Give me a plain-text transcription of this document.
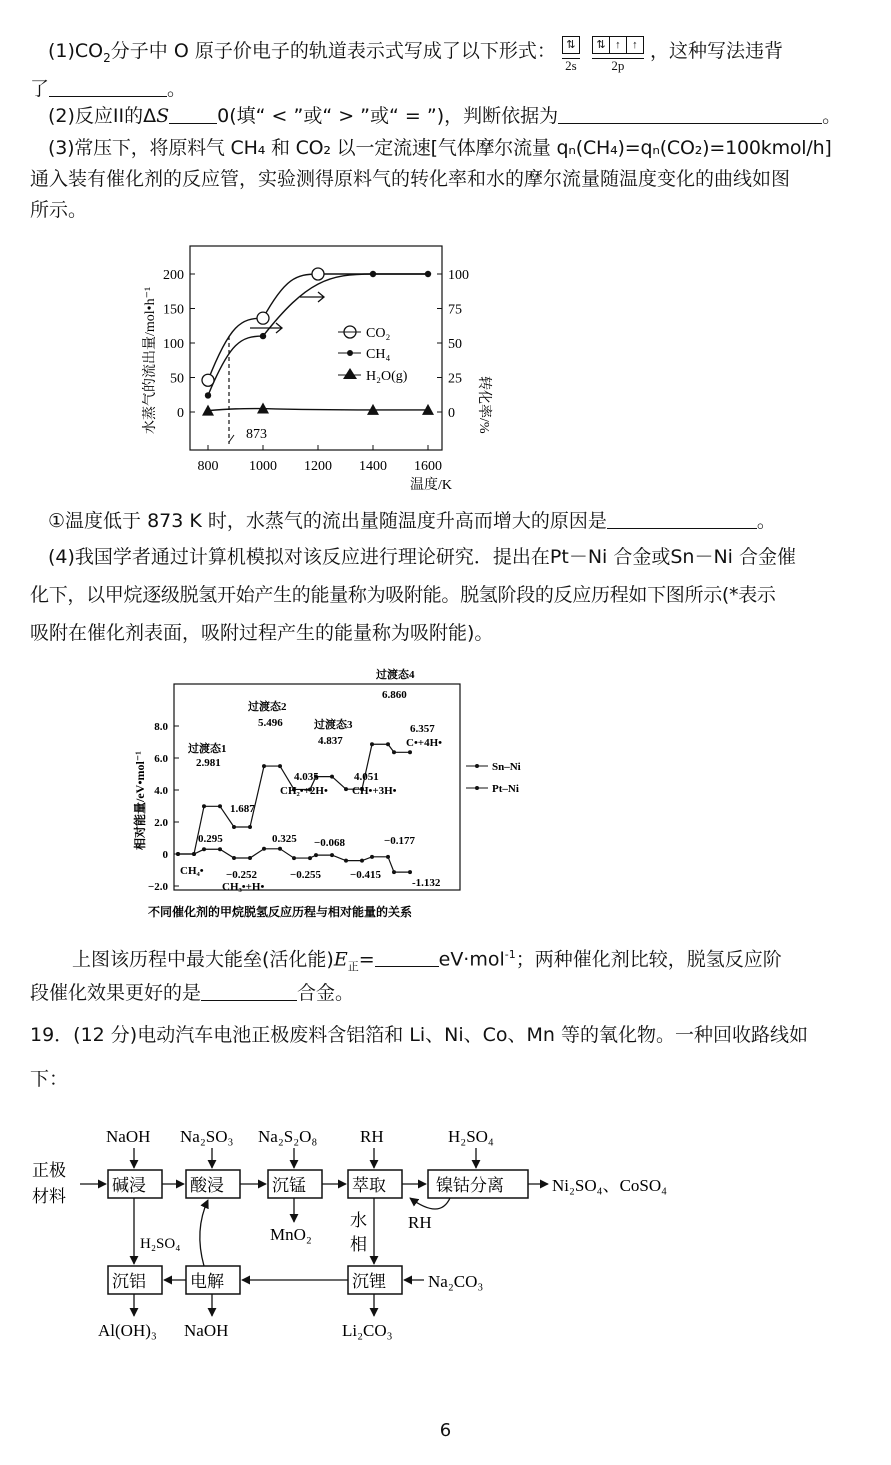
$(1)CO_2$分子中 O 原子价电子的轨道表示式写成了以下形式： ⇅
2s

⇅ ↑	↑
2p
，这种写法违背
了	。
(2)反应II的ΔS	0(填“ < ”或“ > ”或“ = ”)，判断依据为	。
(3)常压下，将原料气 CH₄ 和 CO₂ 以一定流速[气体摩尔流量 qₙ(CH₄)=qₙ(CO₂)=100kmol/h]
通入装有催化剂的反应管，实验测得原料气的转化率和水的摩尔流量随温度变化的曲线如图
所示。
水蒸气的流出量/mol•h⁻¹	转化率/%
0
50
100
150
200
0
25
50
75
100
800 1000 1200 1400 1600
873
CO₂
CH₄
H₂O(g)
温度/K
①温度低于 873 K 时，水蒸气的流出量随温度升高而增大的原因是	。
(4)我国学者通过计算机模拟对该反应进行理论研究．提出在Pt－Ni 合金或Sn－Ni 合金催
化下，以甲烷逐级脱氢开始产生的能量称为吸附能。脱氢阶段的反应历程如下图所示(*表示
吸附在催化剂表面，吸附过程产生的能量称为吸附能)。
相对能量/eV•mol⁻¹
8.0
6.0
4.0
2.0
0
−2.0
过渡态1
2.981
1.687
过渡态2
5.496
4.035
CH₂•+2H•
过渡态3
4.837
4.051
CH•+3H•
过渡态4
6.860
6.357
C•+4H•
0.295	0.325 −0.068	−0.177
CH₄• −0.252
CH₃•+H•
−0.255	−0.415
-1.132
Sn–Ni
Pt–Ni
不同催化剂的甲烷脱氢反应历程与相对能量的关系
上图该历程中最大能垒(活化能)$E_正=$	eV·mol$^{-1}$；两种催化剂比较，脱氢反应阶
段催化效果更好的是	合金。
19．(12 分)电动汽车电池正极废料含铝箔和 Li、Ni、Co、Mn 等的氧化物。一种回收路线如
下：
正极
材料
碱浸	酸浸	沉锰	萃取	镍钴分离
沉铝	电解	沉锂
水
相
NaOH Na₂SO₃ Na₂S₂O₈	RH	H₂SO₄
Na₂CO₃
Ni₂SO₄、CoSO₄
MnO₂
Al(OH)₃ NaOH	Li₂CO₃
RH
H₂SO₄
6
